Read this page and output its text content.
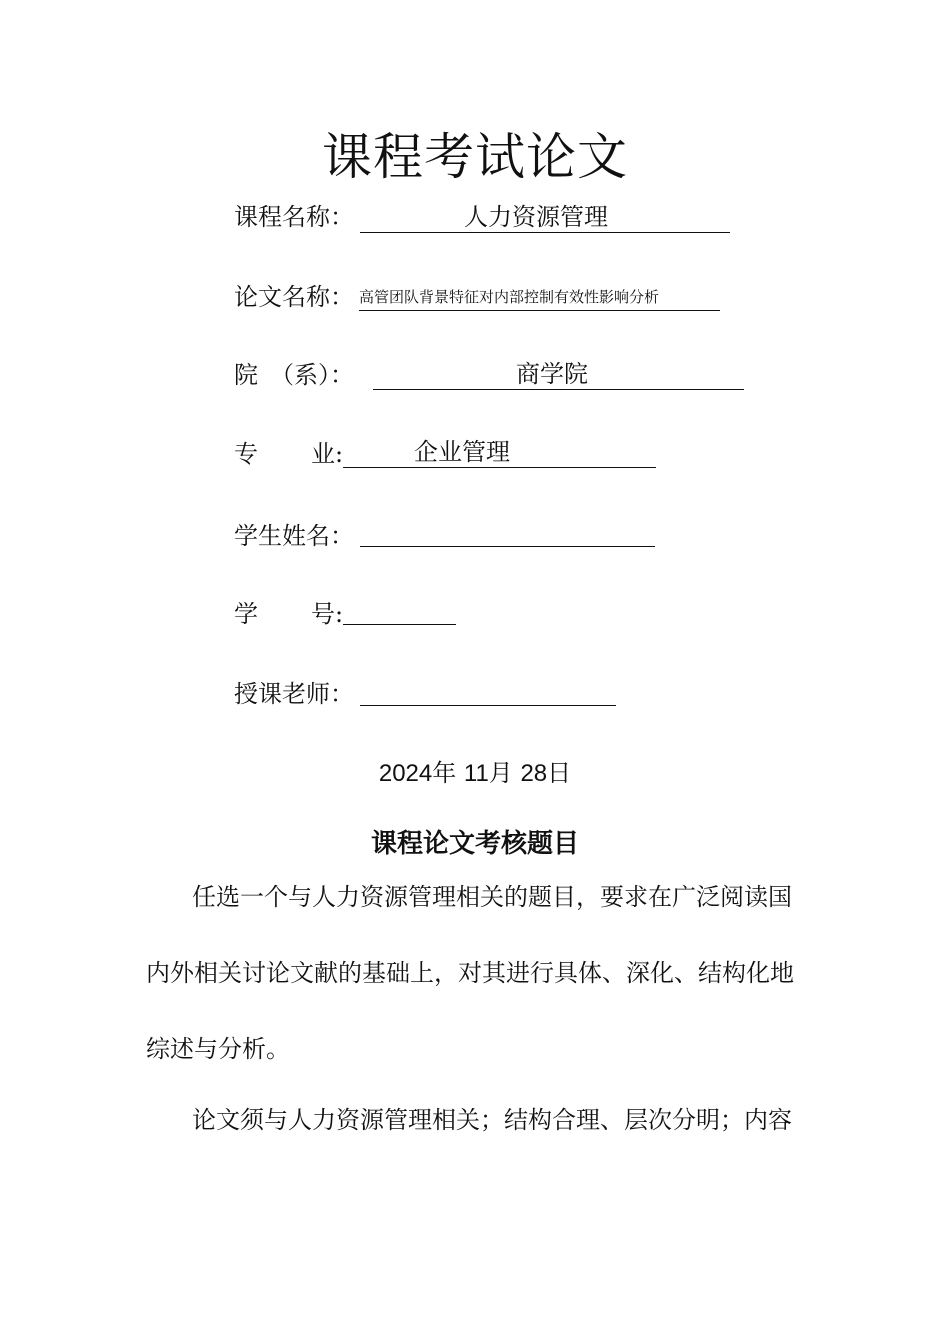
课程考试论文
课程名称：	人力资源管理
论文名称： 高管团队背景特征对内部控制有效性影响分析
院　（系）：	商学院
专 业:	企业管理
学生姓名：
学 号:
授课老师：
2024年 11月 28日
课程论文考核题目
任选一个与人力资源管理相关的题目，要求在广泛阅读国
内外相关讨论文献的基础上，对其进行具体、深化、结构化地
综述与分析。
论文须与人力资源管理相关；结构合理、层次分明；内容
